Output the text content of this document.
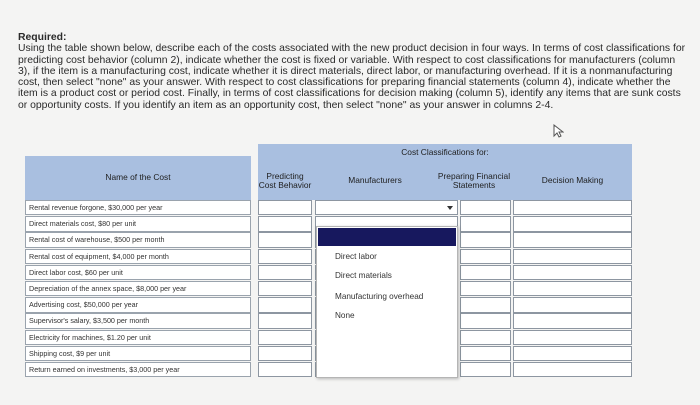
Required:
Using the table shown below, describe each of the costs associated with the new product decision in four ways. In terms of cost classifications for predicting cost behavior (column 2), indicate whether the cost is fixed or variable. With respect to cost classifications for manufacturers (column 3), if the item is a manufacturing cost, indicate whether it is direct materials, direct labor, or manufacturing overhead. If it is a nonmanufacturing cost, then select "none" as your answer. With respect to cost classifications for preparing financial statements (column 4), indicate whether the item is a product cost or period cost. Finally, in terms of cost classifications for decision making (column 5), identify any items that are sunk costs or opportunity costs. If you identify an item as an opportunity cost, then select "none" as your answer in columns 2-4.
Name of the Cost
Cost Classifications for:
Predicting Cost Behavior	Manufacturers	Preparing Financial Statements	Decision Making
Rental revenue forgone, $30,000 per year
Direct materials cost, $80 per unit
Rental cost of warehouse, $500 per month
Rental cost of equipment, $4,000 per month
Direct labor cost, $60 per unit
Depreciation of the annex space, $8,000 per year
Advertising cost, $50,000 per year
Supervisor's salary, $3,500 per month
Electricity for machines, $1.20 per unit
Shipping cost, $9 per unit
Return earned on investments, $3,000 per year
Direct labor
Direct materials
Manufacturing overhead
None
